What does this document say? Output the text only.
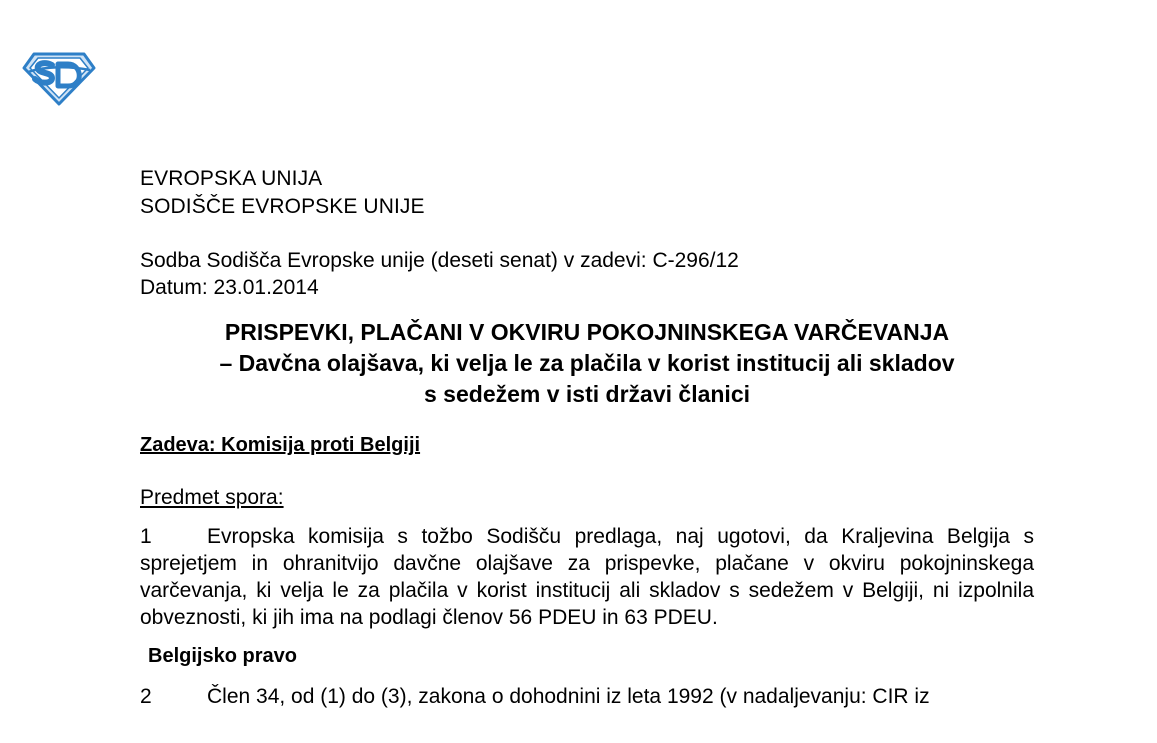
EVROPSKA UNIJA

SODIŠČE EVROPSKE UNIJE

Sodba Sodišča Evropske unije (deseti senat) v zadevi: C-296/12

Datum: 23.01.2014

PRISPEVKI, PLAČANI V OKVIRU POKOJNINSKEGA VARČEVANJA
– Davčna olajšava, ki velja le za plačila v korist institucij ali skladov
s sedežem v isti državi članici

Zadeva: Komisija proti Belgiji

Predmet spora:

1	Evropska komisija s tožbo Sodišču predlaga, naj ugotovi, da Kraljevina Belgija s sprejetjem in ohranitvijo davčne olajšave za prispevke, plačane v okviru pokojninskega varčevanja, ki velja le za plačila v korist institucij ali skladov s sedežem v Belgiji, ni izpolnila obveznosti, ki jih ima na podlagi členov 56 PDEU in 63 PDEU.

Belgijsko pravo

2	Člen 34, od (1) do (3), zakona o dohodnini iz leta 1992 (v nadaljevanju: CIR iz
